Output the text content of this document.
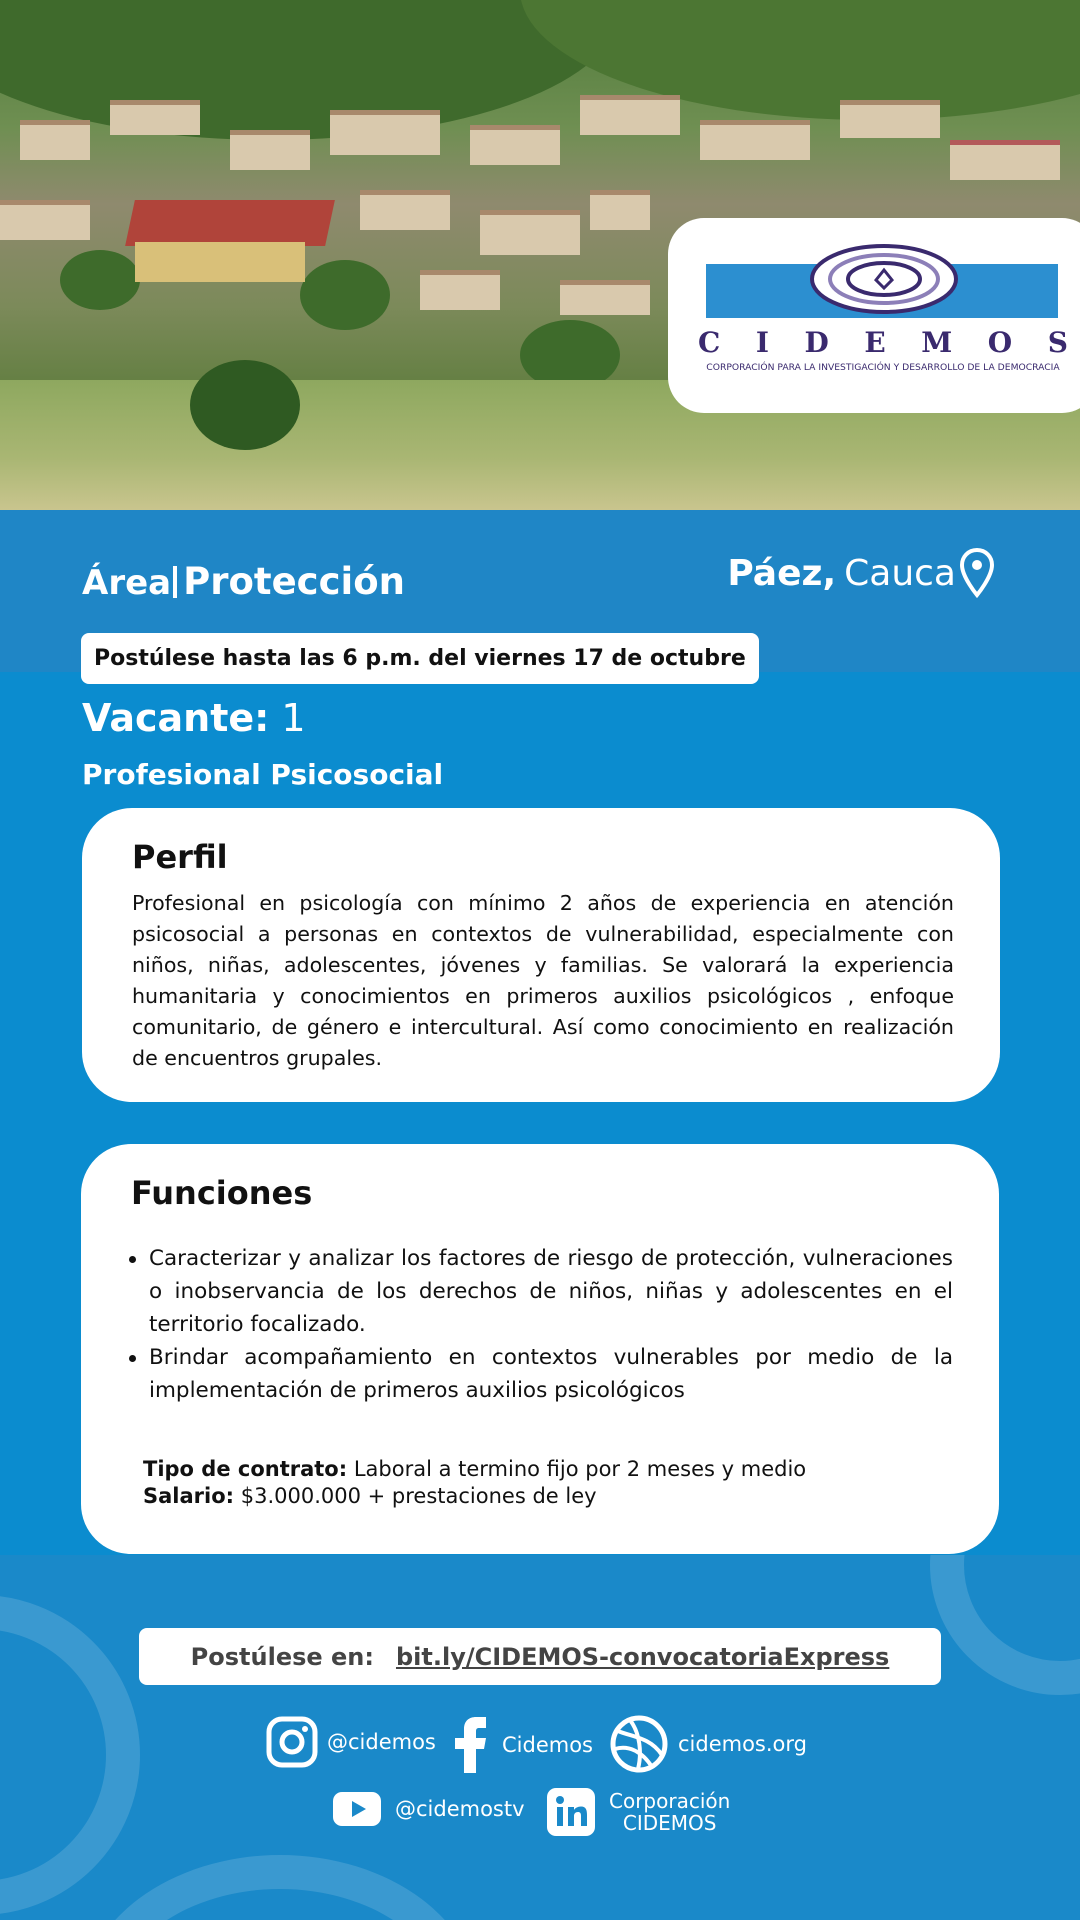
C I D E M O S
CORPORACIÓN PARA LA INVESTIGACIÓN Y DESARROLLO DE LA DEMOCRACIA
Área Protección	Páez, Cauca
Postúlese hasta las 6 p.m. del viernes 17 de octubre
Vacante: 1
Profesional Psicosocial
Perfil

Profesional en psicología con mínimo 2 años de experiencia en atención psicosocial a personas en contextos de vulnerabilidad, especialmente con niños, niñas, adolescentes, jóvenes y familias. Se valorará la experiencia humanitaria y conocimientos en primeros auxilios psicológicos , enfoque comunitario, de género e intercultural. Así como conocimiento en realización de encuentros grupales.

Funciones
Caracterizar y analizar los factores de riesgo de protección, vulneraciones o inobservancia de los derechos de niños, niñas y adolescentes en el territorio focalizado.
Brindar acompañamiento en contextos vulnerables por medio de la implementación de primeros auxilios psicológicos
Tipo de contrato: Laboral a termino fijo por 2 meses y medio
Salario: $3.000.000 + prestaciones de ley
Postúlese en: bit.ly/CIDEMOS-convocatoriaExpress
@cidemos	Cidemos	cidemos.org
@cidemostv	Corporación
CIDEMOS
